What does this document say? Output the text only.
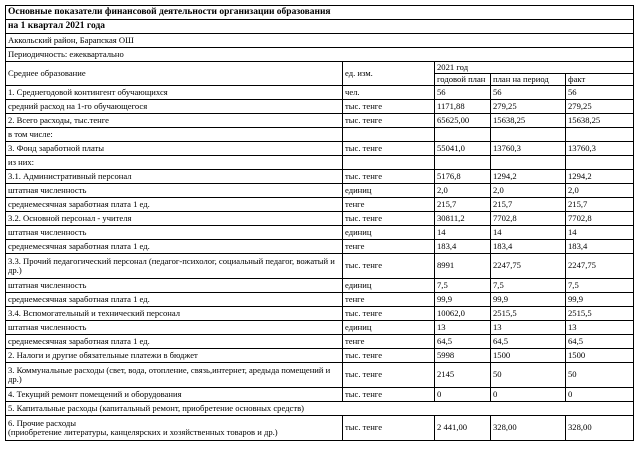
Основные показатели финансовой деятельности организации образования				
на 1 квартал 2021 года				
Аккольский район, Барапская ОШ				
Периодичность: ежеквартально				
Среднее образование	ед. изм.	2021 год		
		годовой план	план на период	факт
1. Среднегодовой контингент обучающихся	чел.	56	56	56
средний расход на 1-го обучающегося	тыс. тенге	1171,88	279,25	279,25
2. Всего расходы, тыс.тенге	тыс. тенге	65625,00	15638,25	15638,25
в том числе:				
3. Фонд заработной платы	тыс. тенге	55041,0	13760,3	13760,3
из них:				
3.1. Административный персонал	тыс. тенге	5176,8	1294,2	1294,2
штатная численность	единиц	2,0	2,0	2,0
среднемесячная заработная плата 1 ед.	тенге	215,7	215,7	215,7
3.2. Основной персонал - учителя	тыс. тенге	30811,2	7702,8	7702,8
штатная численность	единиц	14	14	14
среднемесячная заработная плата 1 ед.	тенге	183,4	183,4	183,4
3.3. Прочий педагогический персонал (педагог-психолог, социальный педагог, вожатый и др.)	тыс. тенге	8991	2247,75	2247,75
штатная численность	единиц	7,5	7,5	7,5
среднемесячная заработная плата 1 ед.	тенге	99,9	99,9	99,9
3.4. Вспомогательный и технический персонал	тыс. тенге	10062,0	2515,5	2515,5
штатная численность	единиц	13	13	13
среднемесячная заработная плата 1 ед.	тенге	64,5	64,5	64,5
2. Налоги и другие обязательные платежи в бюджет	тыс. тенге	5998	1500	1500
3. Коммунальные расходы (свет, вода, отопление, связь,интернет, аредыда помещений и др.)	тыс. тенге	2145	50	50
4. Текущий ремонт помещений и оборудования	тыс. тенге	0	0	0
5. Капитальные расходы (капитальный ремонт, приобретение основных средств)				
6. Прочие расходы
(приобретение литературы, канцелярских и хозяйственных товаров и др.)	тыс. тенге	2 441,00	328,00	328,00
